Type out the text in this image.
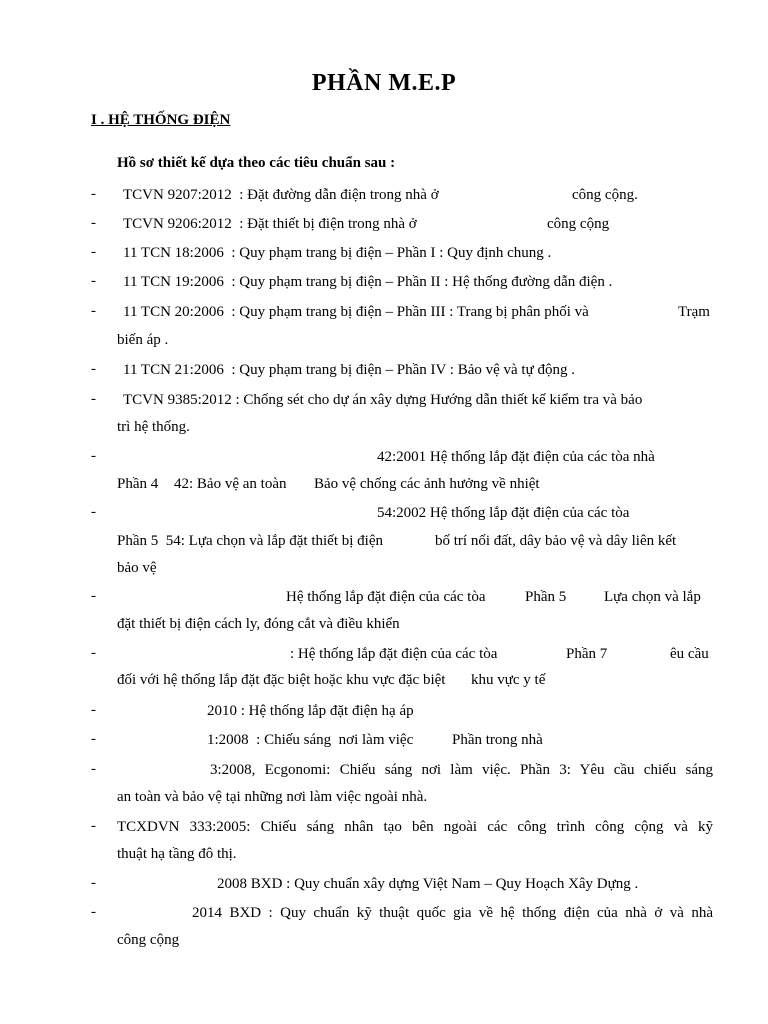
PHẦN M.E.P
I . HỆ THỐNG ĐIỆN
Hồ sơ thiết kế dựa theo các tiêu chuẩn sau :
- TCVN 9207:2012  : Đặt đường dẫn điện trong nhà ở	công cộng.
- TCVN 9206:2012  : Đặt thiết bị điện trong nhà ở	công cộng
- 11 TCN 18:2006  : Quy phạm trang bị điện – Phần I : Quy định chung .
- 11 TCN 19:2006  : Quy phạm trang bị điện – Phần II : Hệ thống đường dẫn điện .
- 11 TCN 20:2006  : Quy phạm trang bị điện – Phần III : Trang bị phân phối và	Trạm
biến áp .
- 11 TCN 21:2006  : Quy phạm trang bị điện – Phần IV : Bảo vệ và tự động .
- TCVN 9385:2012 : Chống sét cho dự án xây dựng Hướng dẫn thiết kế kiểm tra và bảo
trì hệ thống.
-	42:2001 Hệ thống lắp đặt điện của các tòa nhà
Phần 4 42: Bảo vệ an toàn Bảo vệ chống các ảnh hưởng về nhiệt
-	54:2002 Hệ thống lắp đặt điện của các tòa
Phần 5  54: Lựa chọn và lắp đặt thiết bị điện	bố trí nối đất, dây bảo vệ và dây liên kết
bảo vệ
-	Hệ thống lắp đặt điện của các tòa	Phần 5	Lựa chọn và lắp
đặt thiết bị điện cách ly, đóng cắt và điều khiển
-	: Hệ thống lắp đặt điện của các tòa	Phần 7	êu cầu
đối với hệ thống lắp đặt đặc biệt hoặc khu vực đặc biệt khu vực y tế
-	2010 : Hệ thống lắp đặt điện hạ áp
-	1:2008  : Chiếu sáng  nơi làm việc	Phần trong nhà
-	3:2008, Ecgonomi: Chiếu sáng nơi làm việc. Phần 3: Yêu cầu chiếu sáng
an toàn và bảo vệ tại những nơi làm việc ngoài nhà.
- TCXDVN 333:2005: Chiếu sáng nhân tạo bên ngoài các công trình công cộng và kỹ
thuật hạ tầng đô thị.
-	2008 BXD : Quy chuẩn xây dựng Việt Nam – Quy Hoạch Xây Dựng .
-	2014 BXD : Quy chuẩn kỹ thuật quốc gia về hệ thống điện của nhà ở và nhà
công cộng
